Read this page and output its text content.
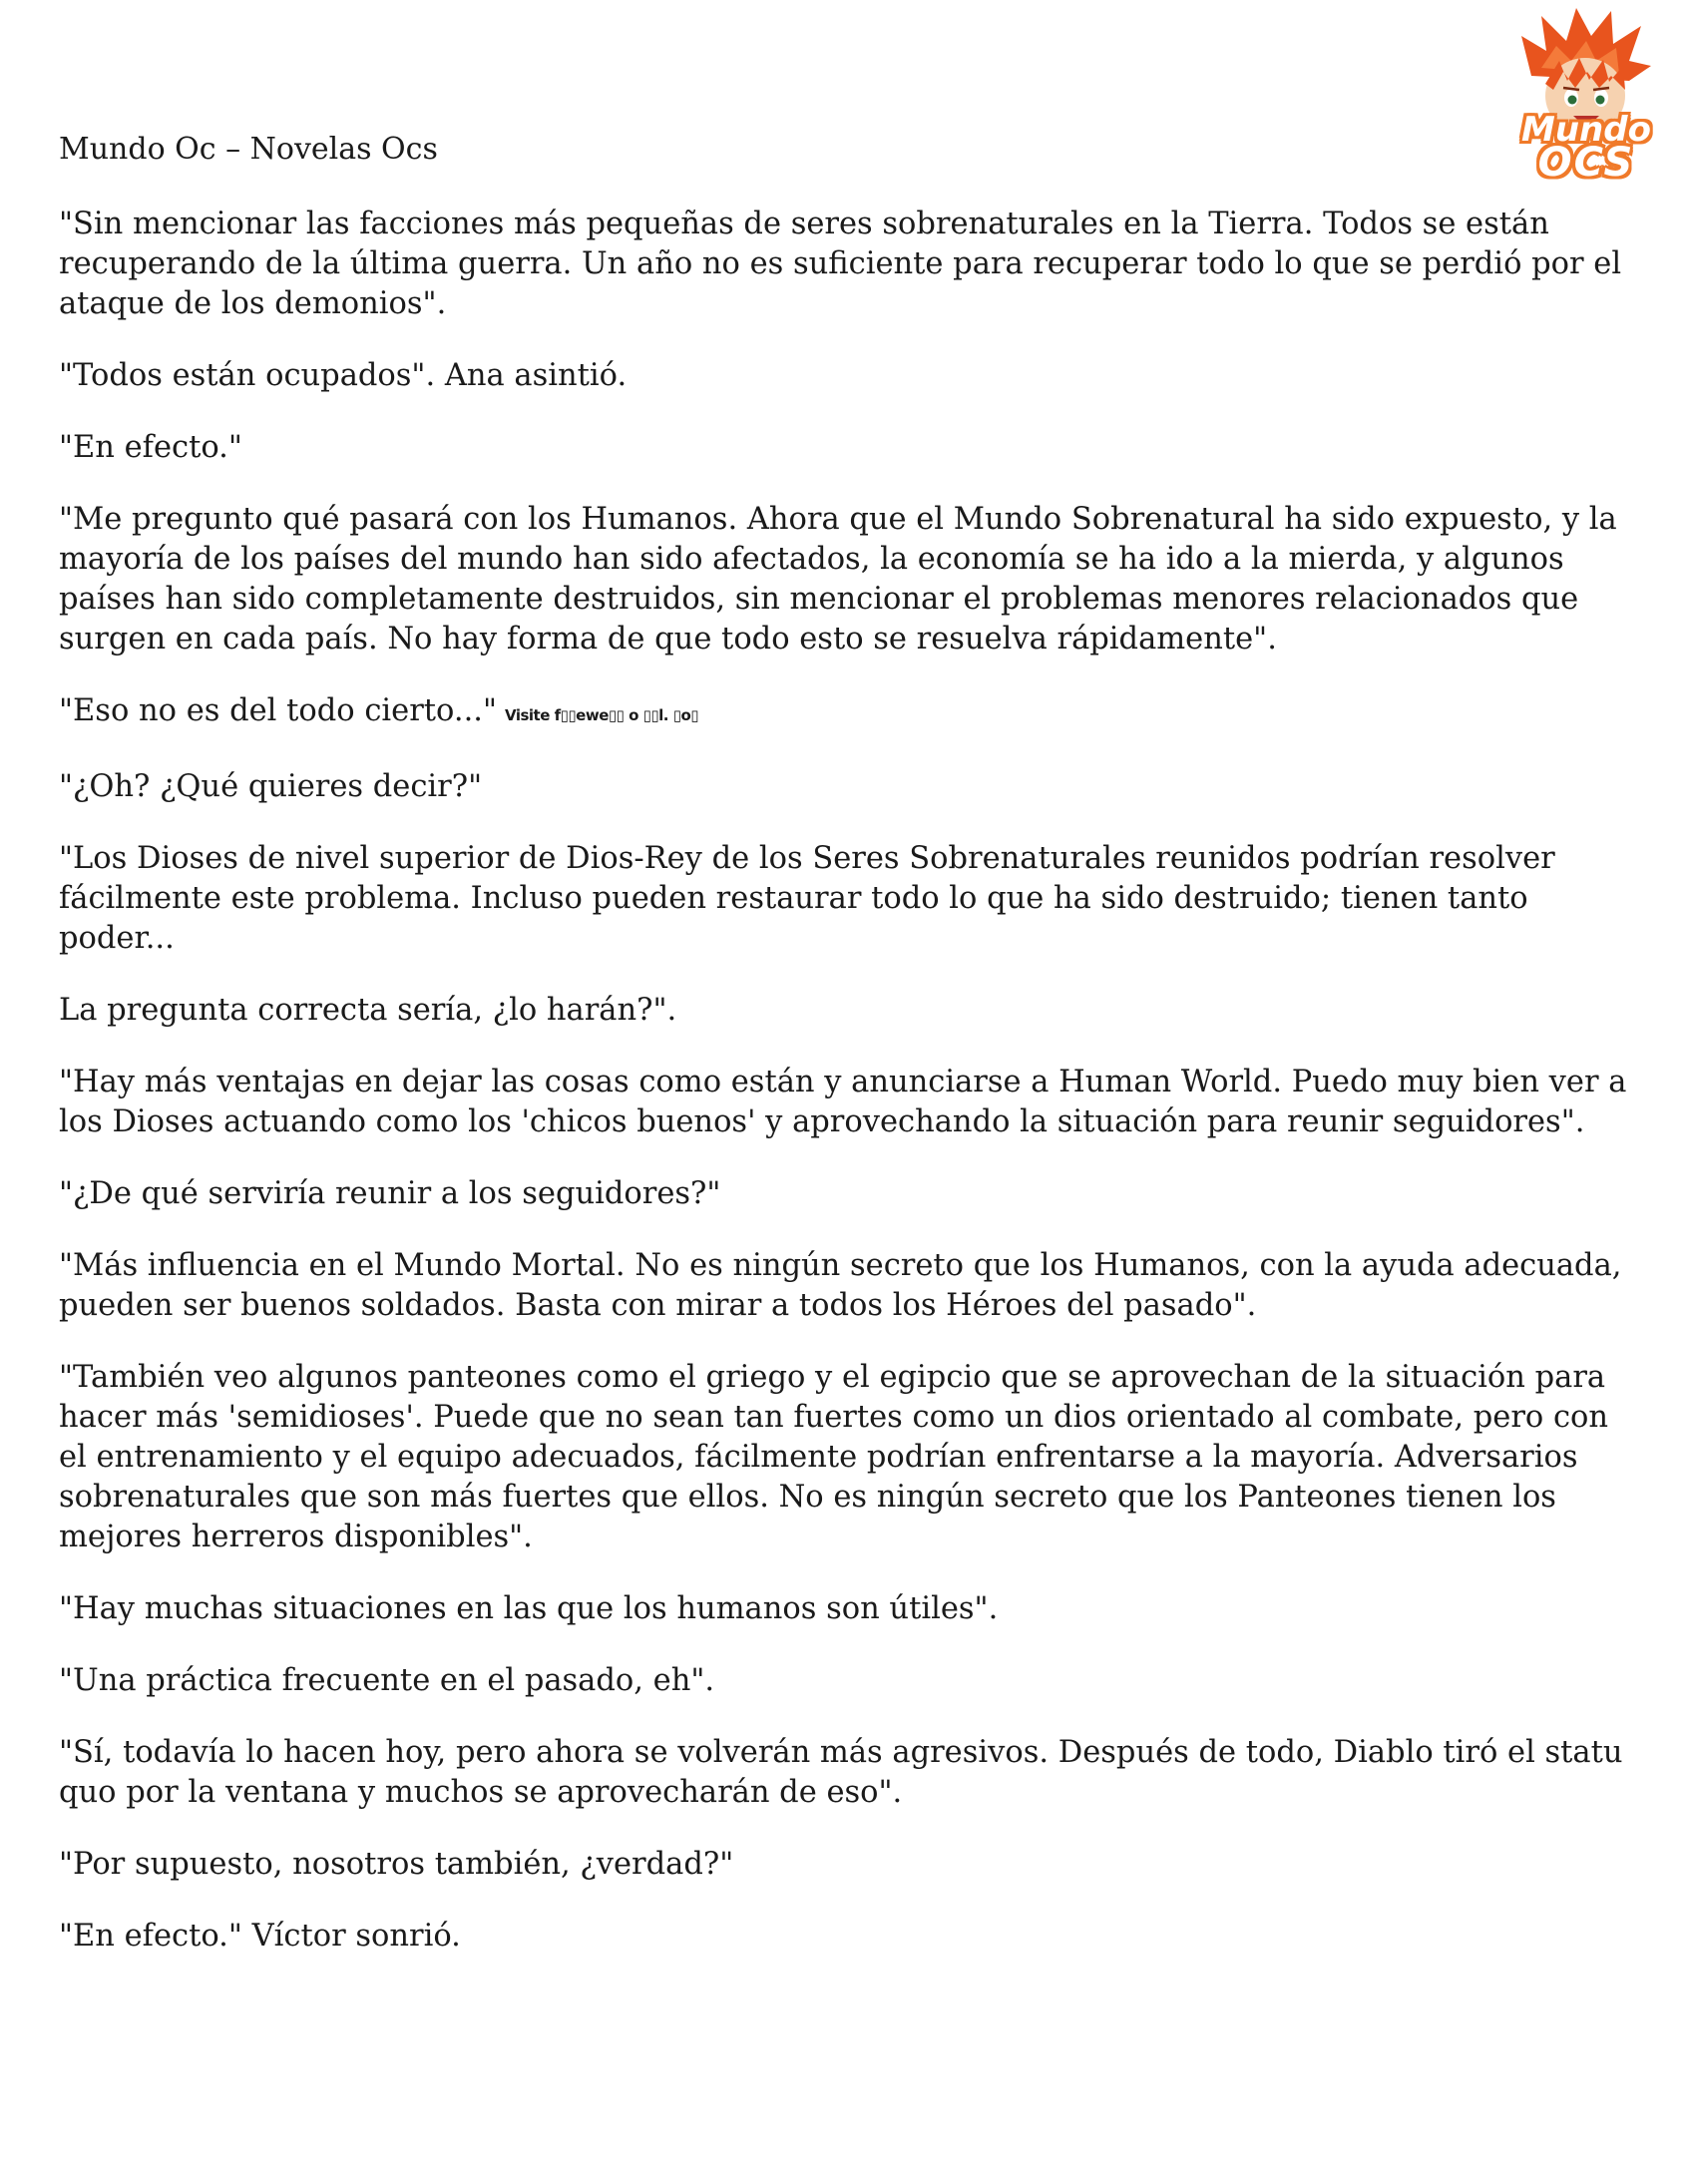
Mundo Oc – Novelas Ocs	Mundo
OCS

"Sin mencionar las facciones más pequeñas de seres sobrenaturales en la Tierra. Todos se están recuperando de la última guerra. Un año no es suficiente para recuperar todo lo que se perdió por el ataque de los demonios".

"Todos están ocupados". Ana asintió.

"En efecto."

"Me pregunto qué pasará con los Humanos. Ahora que el Mundo Sobrenatural ha sido expuesto, y la mayoría de los países del mundo han sido afectados, la economía se ha ido a la mierda, y algunos países han sido completamente destruidos, sin mencionar el problemas menores relacionados que surgen en cada país. No hay forma de que todo esto se resuelva rápidamente".

"Eso no es del todo cierto..." Visite f▯▯ewe▯▯ o ▯▯l. ▯o▯

"¿Oh? ¿Qué quieres decir?"

"Los Dioses de nivel superior de Dios-Rey de los Seres Sobrenaturales reunidos podrían resolver fácilmente este problema. Incluso pueden restaurar todo lo que ha sido destruido; tienen tanto poder...

La pregunta correcta sería, ¿lo harán?".

"Hay más ventajas en dejar las cosas como están y anunciarse a Human World. Puedo muy bien ver a los Dioses actuando como los 'chicos buenos' y aprovechando la situación para reunir seguidores".

"¿De qué serviría reunir a los seguidores?"

"Más influencia en el Mundo Mortal. No es ningún secreto que los Humanos, con la ayuda adecuada, pueden ser buenos soldados. Basta con mirar a todos los Héroes del pasado".

"También veo algunos panteones como el griego y el egipcio que se aprovechan de la situación para hacer más 'semidioses'. Puede que no sean tan fuertes como un dios orientado al combate, pero con el entrenamiento y el equipo adecuados, fácilmente podrían enfrentarse a la mayoría. Adversarios sobrenaturales que son más fuertes que ellos. No es ningún secreto que los Panteones tienen los mejores herreros disponibles".

"Hay muchas situaciones en las que los humanos son útiles".

"Una práctica frecuente en el pasado, eh".

"Sí, todavía lo hacen hoy, pero ahora se volverán más agresivos. Después de todo, Diablo tiró el statu quo por la ventana y muchos se aprovecharán de eso".

"Por supuesto, nosotros también, ¿verdad?"

"En efecto." Víctor sonrió.
